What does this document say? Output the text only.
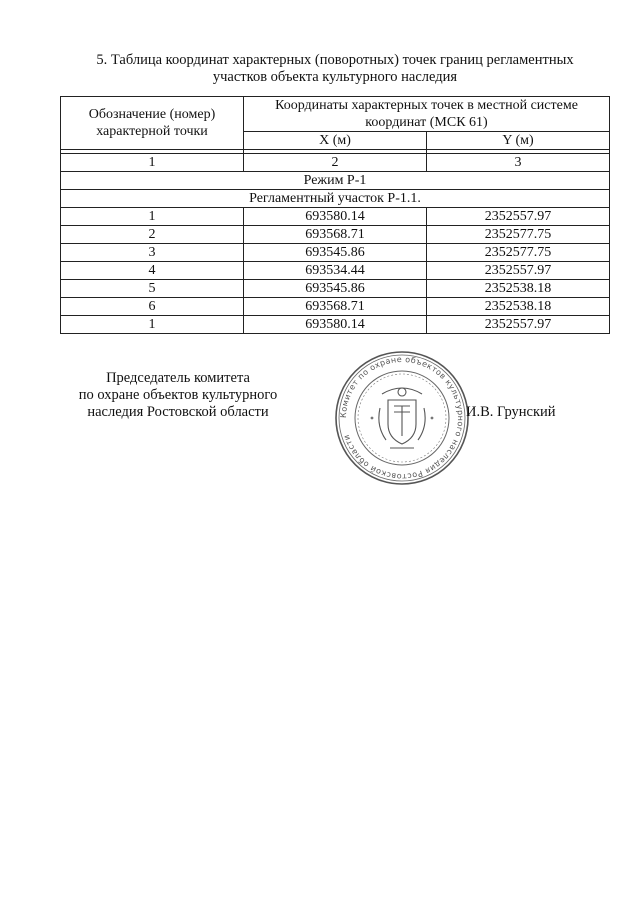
5. Таблица координат характерных (поворотных) точек границ регламентных
участков объекта культурного наследия
Обозначение (номер) характерной точки	Координаты характерных точек в местной системе координат (МСК 61)	
	X (м)	Y (м)

1	2	3
Режим Р-1		
Регламентный участок Р-1.1.		
1	693580.14	2352557.97
2	693568.71	2352577.75
3	693545.86	2352577.75
4	693534.44	2352557.97
5	693545.86	2352538.18
6	693568.71	2352538.18
1	693580.14	2352557.97
Председатель комитета
по охране объектов культурного
наследия Ростовской области	Комитет по охране объектов культурного наследия Ростовской области
И.В. Грунский
